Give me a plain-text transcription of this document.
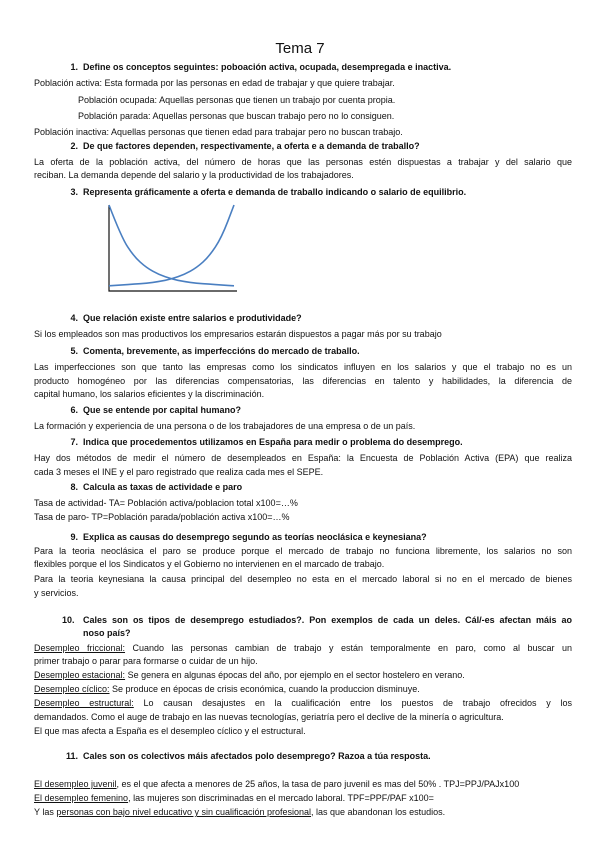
Tema 7
1. Define os conceptos seguintes: poboación activa, ocupada, desempregada e inactiva.
Población activa: Esta formada por las personas en edad de trabajar y que quiere trabajar.
Población ocupada: Aquellas personas que tienen un trabajo por cuenta propia.
Población parada: Aquellas personas que buscan trabajo pero no lo consiguen.
Población inactiva: Aquellas personas que tienen edad para trabajar pero no buscan trabajo.
2. De que factores dependen, respectivamente, a oferta e a demanda de traballo?
La oferta de la población activa, del número de horas que las personas estén dispuestas a trabajar y del salario que
reciban. La demanda depende del salario y la productividad de los trabajadores.
3. Representa gráficamente a oferta e demanda de traballo indicando o salario de equilibrio.
4. Que relación existe entre salarios e produtividade?
Si los empleados son mas productivos los empresarios estarán dispuestos a pagar más por su trabajo
5. Comenta, brevemente, as imperfeccións do mercado de traballo.
Las imperfecciones son que tanto las empresas como los sindicatos influyen en los salarios y que el trabajo no es un
producto homogéneo por las diferencias compensatorias, las diferencias en talento y habilidades, la diferencia de
capital humano, los salarios eficientes y la discriminación.
6. Que se entende por capital humano?
La formación y experiencia de una persona o de los trabajadores de una empresa o de un país.
7. Indica que procedementos utilizamos en España para medir o problema do desemprego.
Hay dos métodos de medir el número de desempleados en España: la Encuesta de Población Activa (EPA) que realiza
cada 3 meses el INE y el paro registrado que realiza cada mes el SEPE.
8. Calcula as taxas de actividade e paro
Tasa de actividad- TA= Población activa/poblacion total x100=…%
Tasa de paro- TP=Población parada/población activa x100=…%
9. Explica as causas do desemprego segundo as teorías neoclásica e keynesiana?
Para la teoria neoclásica el paro se produce porque el mercado de trabajo no funciona libremente, los salarios no son
flexibles porque el los Sindicatos y el Gobierno no intervienen en el marcado de trabajo.
Para la teoria keynesiana la causa principal del desempleo no esta en el mercado laboral si no en el mercado de bienes
y servicios.
10. Cales son os tipos de desemprego estudiados?. Pon exemplos de cada un deles. Cál/-es afectan máis ao
noso país?
Desempleo friccional: Cuando las personas cambian de trabajo y están temporalmente en paro, como al buscar un
primer trabajo o parar para formarse o cuidar de un hijo.
Desempleo estacional: Se genera en algunas épocas del año, por ejemplo en el sector hostelero en verano.
Desempleo cíclico: Se produce en épocas de crisis económica, cuando la produccion disminuye.
Desempleo estructural: Lo causan desajustes en la cualificación entre los puestos de trabajo ofrecidos y los
demandados. Como el auge de trabajo en las nuevas tecnologías, geriatría pero el declive de la minería o agricultura.
El que mas afecta a España es el desempleo cíclico y el estructural.
11. Cales son os colectivos máis afectados polo desemprego? Razoa a túa resposta.
El desempleo juvenil, es el que afecta a menores de 25 años, la tasa de paro juvenil es mas del 50% . TPJ=PPJ/PAJx100
El desempleo femenino, las mujeres son discriminadas en el mercado laboral. TPF=PPF/PAF x100=
Y las personas con bajo nivel educativo y sin cualificación profesional, las que abandonan los estudios.
